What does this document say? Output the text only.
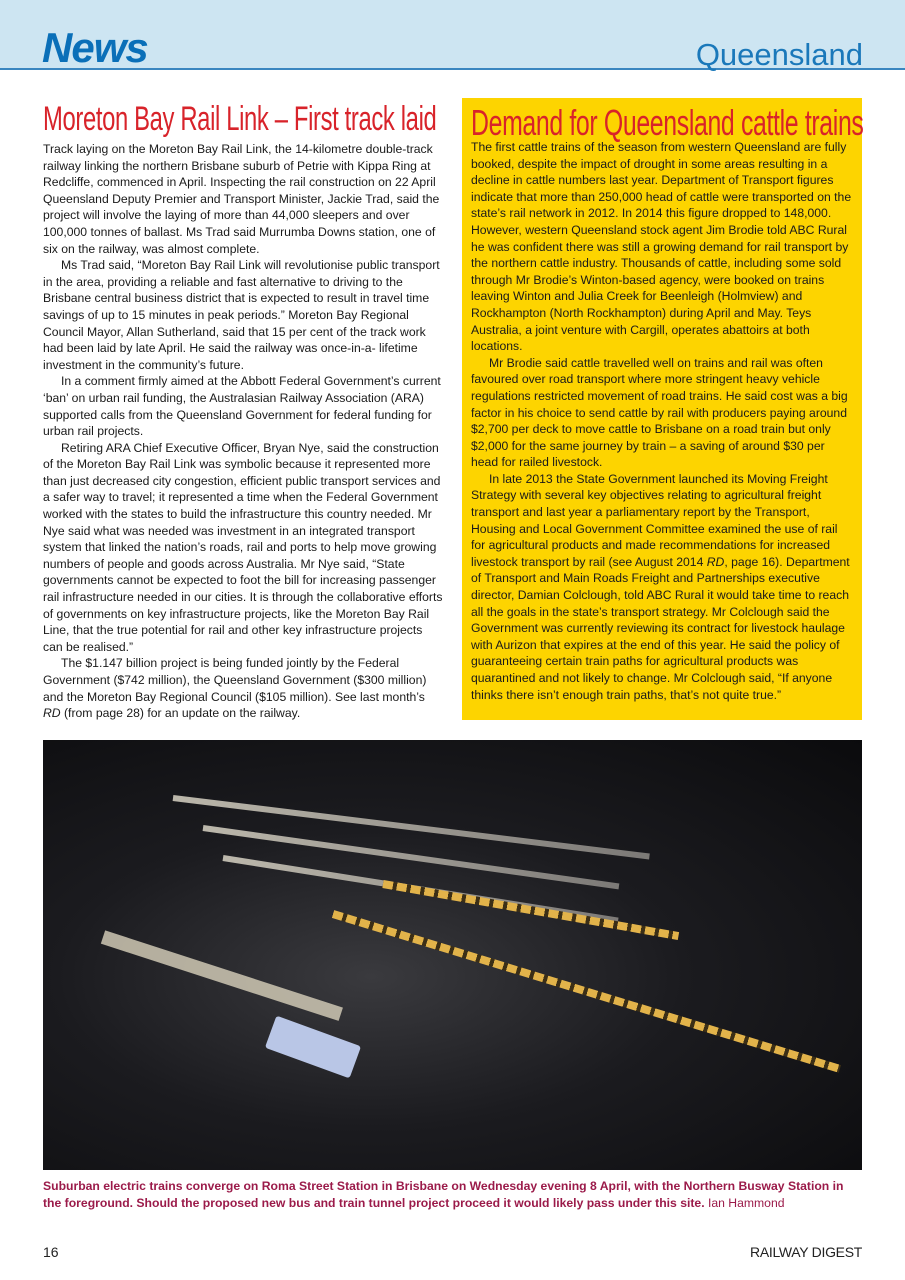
News	Queensland
Moreton Bay Rail Link – First track laid

Track laying on the Moreton Bay Rail Link, the 14-kilometre double-track railway linking the northern Brisbane suburb of Petrie with Kippa Ring at Redcliffe, commenced in April. Inspecting the rail construction on 22 April Queensland Deputy Premier and Transport Minister, Jackie Trad, said the project will involve the laying of more than 44,000 sleepers and over 100,000 tonnes of ballast. Ms Trad said Murrumba Downs station, one of six on the railway, was almost complete.

Ms Trad said, “Moreton Bay Rail Link will revolutionise public transport in the area, providing a reliable and fast alternative to driving to the Brisbane central business district that is expected to result in travel time savings of up to 15 minutes in peak periods.” Moreton Bay Regional Council Mayor, Allan Sutherland, said that 15 per cent of the track work had been laid by late April. He said the railway was once-in-a- lifetime investment in the community’s future.

In a comment firmly aimed at the Abbott Federal Government’s current ‘ban’ on urban rail funding, the Australasian Railway Association (ARA) supported calls from the Queensland Government for federal funding for urban rail projects.

Retiring ARA Chief Executive Officer, Bryan Nye, said the construction of the Moreton Bay Rail Link was symbolic because it represented more than just decreased city congestion, efficient public transport services and a safer way to travel; it represented a time when the Federal Government worked with the states to build the infrastructure this country needed. Mr Nye said what was needed was investment in an integrated transport system that linked the nation’s roads, rail and ports to help move growing numbers of people and goods across Australia. Mr Nye said, “State governments cannot be expected to foot the bill for increasing passenger rail infrastructure needed in our cities. It is through the collaborative efforts of governments on key infrastructure projects, like the Moreton Bay Rail Line, that the true potential for rail and other key infrastructure projects can be realised.”

The $1.147 billion project is being funded jointly by the Federal Government ($742 million), the Queensland Government ($300 million) and the Moreton Bay Regional Council ($105 million). See last month’s RD (from page 28) for an update on the railway.

Demand for Queensland cattle trains

The first cattle trains of the season from western Queensland are fully booked, despite the impact of drought in some areas resulting in a decline in cattle numbers last year. Department of Transport figures indicate that more than 250,000 head of cattle were transported on the state’s rail network in 2012. In 2014 this figure dropped to 148,000. However, western Queensland stock agent Jim Brodie told ABC Rural he was confident there was still a growing demand for rail transport by the northern cattle industry. Thousands of cattle, including some sold through Mr Brodie’s Winton-based agency, were booked on trains leaving Winton and Julia Creek for Beenleigh (Holmview) and Rockhampton (North Rockhampton) during April and May. Teys Australia, a joint venture with Cargill, operates abattoirs at both locations.

Mr Brodie said cattle travelled well on trains and rail was often favoured over road transport where more stringent heavy vehicle regulations restricted movement of road trains. He said cost was a big factor in his choice to send cattle by rail with producers paying around $2,700 per deck to move cattle to Brisbane on a road train but only $2,000 for the same journey by train – a saving of around $30 per head for railed livestock.

In late 2013 the State Government launched its Moving Freight Strategy with several key objectives relating to agricultural freight transport and last year a parliamentary report by the Transport, Housing and Local Government Committee examined the use of rail for agricultural products and made recommendations for increased livestock transport by rail (see August 2014 RD, page 16). Department of Transport and Main Roads Freight and Partnerships executive director, Damian Colclough, told ABC Rural it would take time to reach all the goals in the state’s transport strategy. Mr Colclough said the Government was currently reviewing its contract for livestock haulage with Aurizon that expires at the end of this year. He said the policy of guaranteeing certain train paths for agricultural products was quarantined and not likely to change. Mr Colclough said, “If anyone thinks there isn’t enough train paths, that’s not quite true.”

Suburban electric trains converge on Roma Street Station in Brisbane on Wednesday evening 8 April, with the Northern Busway Station in the foreground. Should the proposed new bus and train tunnel project proceed it would likely pass under this site. Ian Hammond
16	RAILWAY DIGEST
